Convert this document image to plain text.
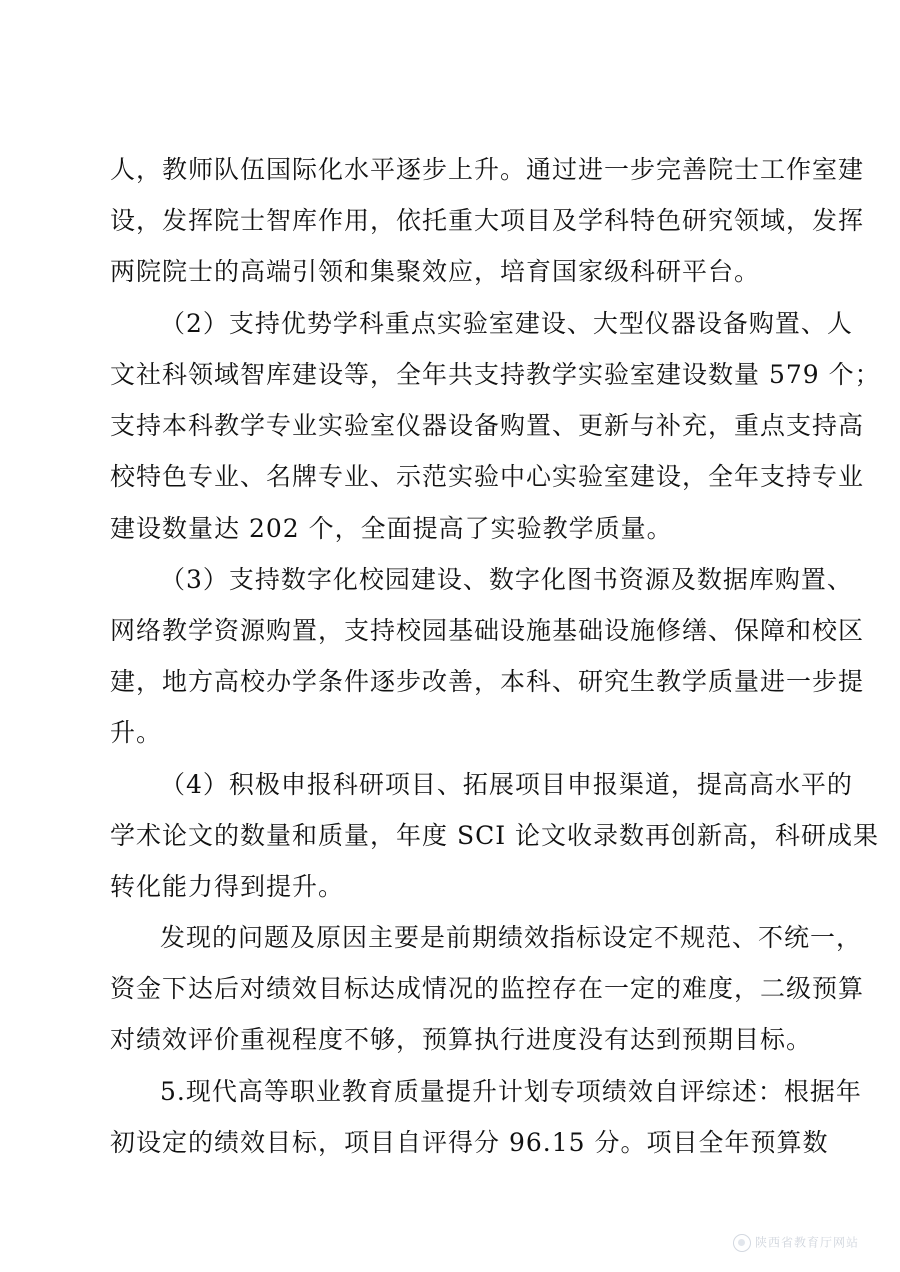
人，教师队伍国际化水平逐步上升。通过进一步完善院士工作室建
设，发挥院士智库作用，依托重大项目及学科特色研究领域，发挥
两院院士的高端引领和集聚效应，培育国家级科研平台。
（2）支持优势学科重点实验室建设、大型仪器设备购置、人
文社科领域智库建设等，全年共支持教学实验室建设数量 579 个；
支持本科教学专业实验室仪器设备购置、更新与补充，重点支持高
校特色专业、名牌专业、示范实验中心实验室建设，全年支持专业
建设数量达 202 个，全面提高了实验教学质量。
（3）支持数字化校园建设、数字化图书资源及数据库购置、
网络教学资源购置，支持校园基础设施基础设施修缮、保障和校区
建，地方高校办学条件逐步改善，本科、研究生教学质量进一步提
升。
（4）积极申报科研项目、拓展项目申报渠道，提高高水平的
学术论文的数量和质量，年度 SCI 论文收录数再创新高，科研成果
转化能力得到提升。
发现的问题及原因主要是前期绩效指标设定不规范、不统一，
资金下达后对绩效目标达成情况的监控存在一定的难度，二级预算
对绩效评价重视程度不够，预算执行进度没有达到预期目标。
5.现代高等职业教育质量提升计划专项绩效自评综述：根据年
初设定的绩效目标，项目自评得分 96.15 分。项目全年预算数
陕西省教育厅网站
